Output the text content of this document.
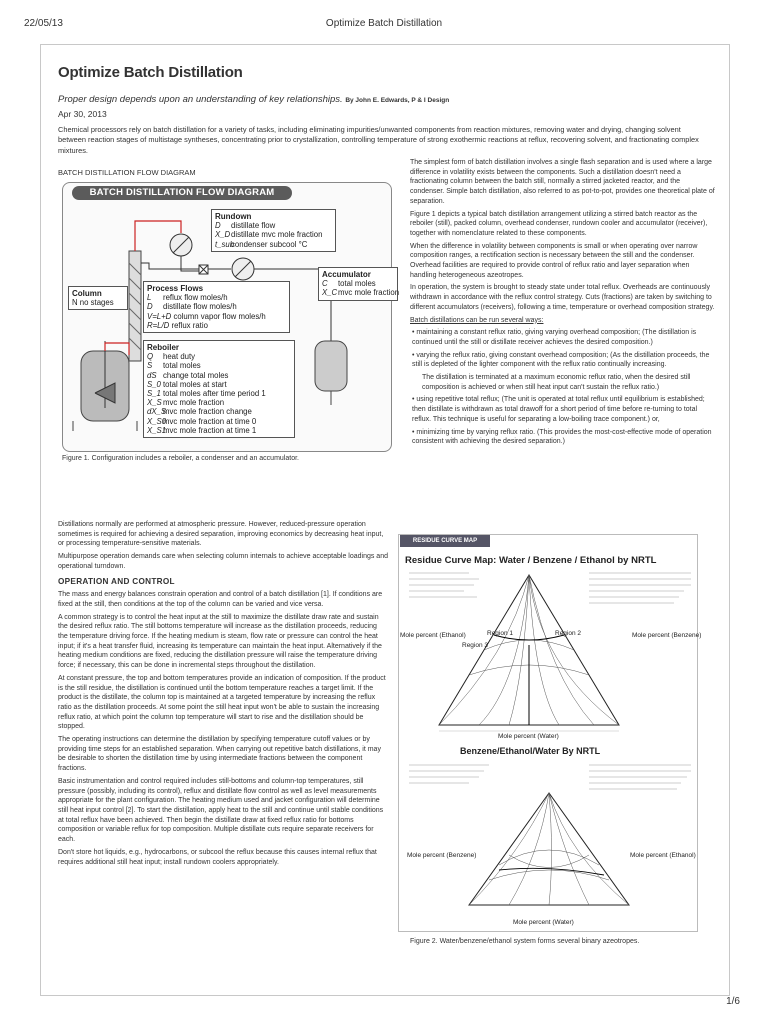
22/05/13	Optimize Batch Distillation
1/6
Optimize Batch Distillation
Proper design depends upon an understanding of key relationships. By John E. Edwards, P & I Design
Apr 30, 2013

Chemical processors rely on batch distillation for a variety of tasks, including eliminating impurities/unwanted components from reaction mixtures, removing water and drying, changing solvent between reaction stages of multistage syntheses, concentrating prior to crystallization, controlling temperature of strong exothermic reactions at reflux, recovering solvent, and fractionating complex mixtures.

BATCH DISTILLATION FLOW DIAGRAM
BATCH DISTILLATION FLOW DIAGRAM
Rundown
D distillate flow
X_Ddistillate mvc mole fraction
t_subcondenser subcool °C
Column
N no stages
Process Flows
L reflux flow moles/h
D distillate flow moles/h
V=L+D column vapor flow moles/h
R=L/D reflux ratio
Accumulator
C total moles
X_Cmvc mole fraction
Reboiler
Q heat duty
S total moles
dS change total moles
S_0 total moles at start
S_1 total moles after time period 1
X_Smvc mole fraction
dX_Smvc mole fraction change
X_S0mvc mole fraction at time 0
X_S1mvc mole fraction at time 1
Figure 1. Configuration includes a reboiler, a condenser and an accumulator.

The simplest form of batch distillation involves a single flash separation and is used where a large difference in volatility exists between the components. Such a distillation doesn't need a fractionating column between the batch still, normally a stirred jacketed reactor, and the condenser. Simple batch distillation, also referred to as pot-to-pot, provides one theoretical plate of separation.

Figure 1 depicts a typical batch distillation arrangement utilizing a stirred batch reactor as the reboiler (still), packed column, overhead condenser, rundown cooler and accumulator (receiver), together with nomenclature related to these components.

When the difference in volatility between components is small or when operating over narrow composition ranges, a rectification section is necessary between the still and the condenser. Overhead facilities are required to provide control of reflux ratio and layer separation when handling heterogeneous azeotropes.

In operation, the system is brought to steady state under total reflux. Overheads are continuously withdrawn in accordance with the reflux control strategy. Cuts (fractions) are taken by switching to different accumulators (receivers), following a time, temperature or overhead composition strategy.

Batch distillations can be run several ways:

• maintaining a constant reflux ratio, giving varying overhead composition; (The distillation is continued until the still or distillate receiver achieves the desired composition.)
• varying the reflux ratio, giving constant overhead composition; (As the distillation proceeds, the still is depleted of the lighter component with the reflux ratio continually increasing.
The distillation is terminated at a maximum economic reflux ratio, when the desired still composition is achieved or when still heat input can't sustain the reflux ratio.)
• using repetitive total reflux; (The unit is operated at total reflux until equilibrium is established; then distillate is withdrawn as total drawoff for a short period of time before re-turning to total reflux. This technique is useful for separating a low-boiling trace component.) or,
• minimizing time by varying reflux ratio. (This provides the most-cost-effective mode of operation consistent with achieving the desired separation.)

Distillations normally are performed at atmospheric pressure. However, reduced-pressure operation sometimes is required for achieving a desired separation, improving economics by decreasing heat input, or processing temperature-sensitive materials.

Multipurpose operation demands care when selecting column internals to achieve acceptable loadings and operational turndown.

OPERATION AND CONTROL

The mass and energy balances constrain operation and control of a batch distillation [1]. If conditions are fixed at the still, then conditions at the top of the column can be varied and vice versa.

A common strategy is to control the heat input at the still to maximize the distillate draw rate and sustain the desired reflux ratio. The still bottoms temperature will increase as the distillation proceeds, reducing the temperature driving force. If the heating medium is steam, flow rate or pressure can control the heat input; if it's a heat transfer fluid, increasing its temperature can maintain the heat input. Alternatively if the heating medium conditions are fixed, reducing the distillation pressure will raise the temperature driving force; if necessary, this can be done in incremental steps throughout the distillation.

At constant pressure, the top and bottom temperatures provide an indication of composition. If the product is the still residue, the distillation is continued until the bottom temperature reaches a target limit. If the product is the distillate, the column top is maintained at a targeted temperature by increasing the reflux ratio as the distillation proceeds. At some point the still heat input won't be able to sustain the increasing reflux ratio, at which point the column top temperature will start to rise and the distillation should be stopped.

The operating instructions can determine the distillation by specifying temperature cutoff values or by providing time steps for an established separation. When carrying out repetitive batch distillations, it may be desirable to shorten the distillation time by using intermediate fractions between the component fractions.

Basic instrumentation and control required includes still-bottoms and column-top temperatures, still pressure (possibly, including its control), reflux and distillate flow control as well as level measurements appropriate for the plant configuration. The heating medium used and jacket configuration will determine still heat input control [2]. To start the distillation, apply heat to the still and continue until stable conditions at total reflux have been achieved. Then begin the distillate draw at fixed reflux ratio for bottoms composition or variable reflux for top composition. Multiple distillate cuts require separate receivers for each.

Don't store hot liquids, e.g., hydrocarbons, or subcool the reflux because this causes internal reflux that requires additional still heat input; install rundown coolers appropriately.

RESIDUE CURVE MAP
Residue Curve Map: Water / Benzene / Ethanol by NRTL
Benzene/Ethanol/Water By NRTL
Mole percent (Ethanol)	Mole percent (Benzene)
Mole percent (Water)
Region 1	Region 2
Region 3
Mole percent (Benzene)	Mole percent (Ethanol)
Mole percent (Water)
Figure 2. Water/benzene/ethanol system forms several binary azeotropes.
